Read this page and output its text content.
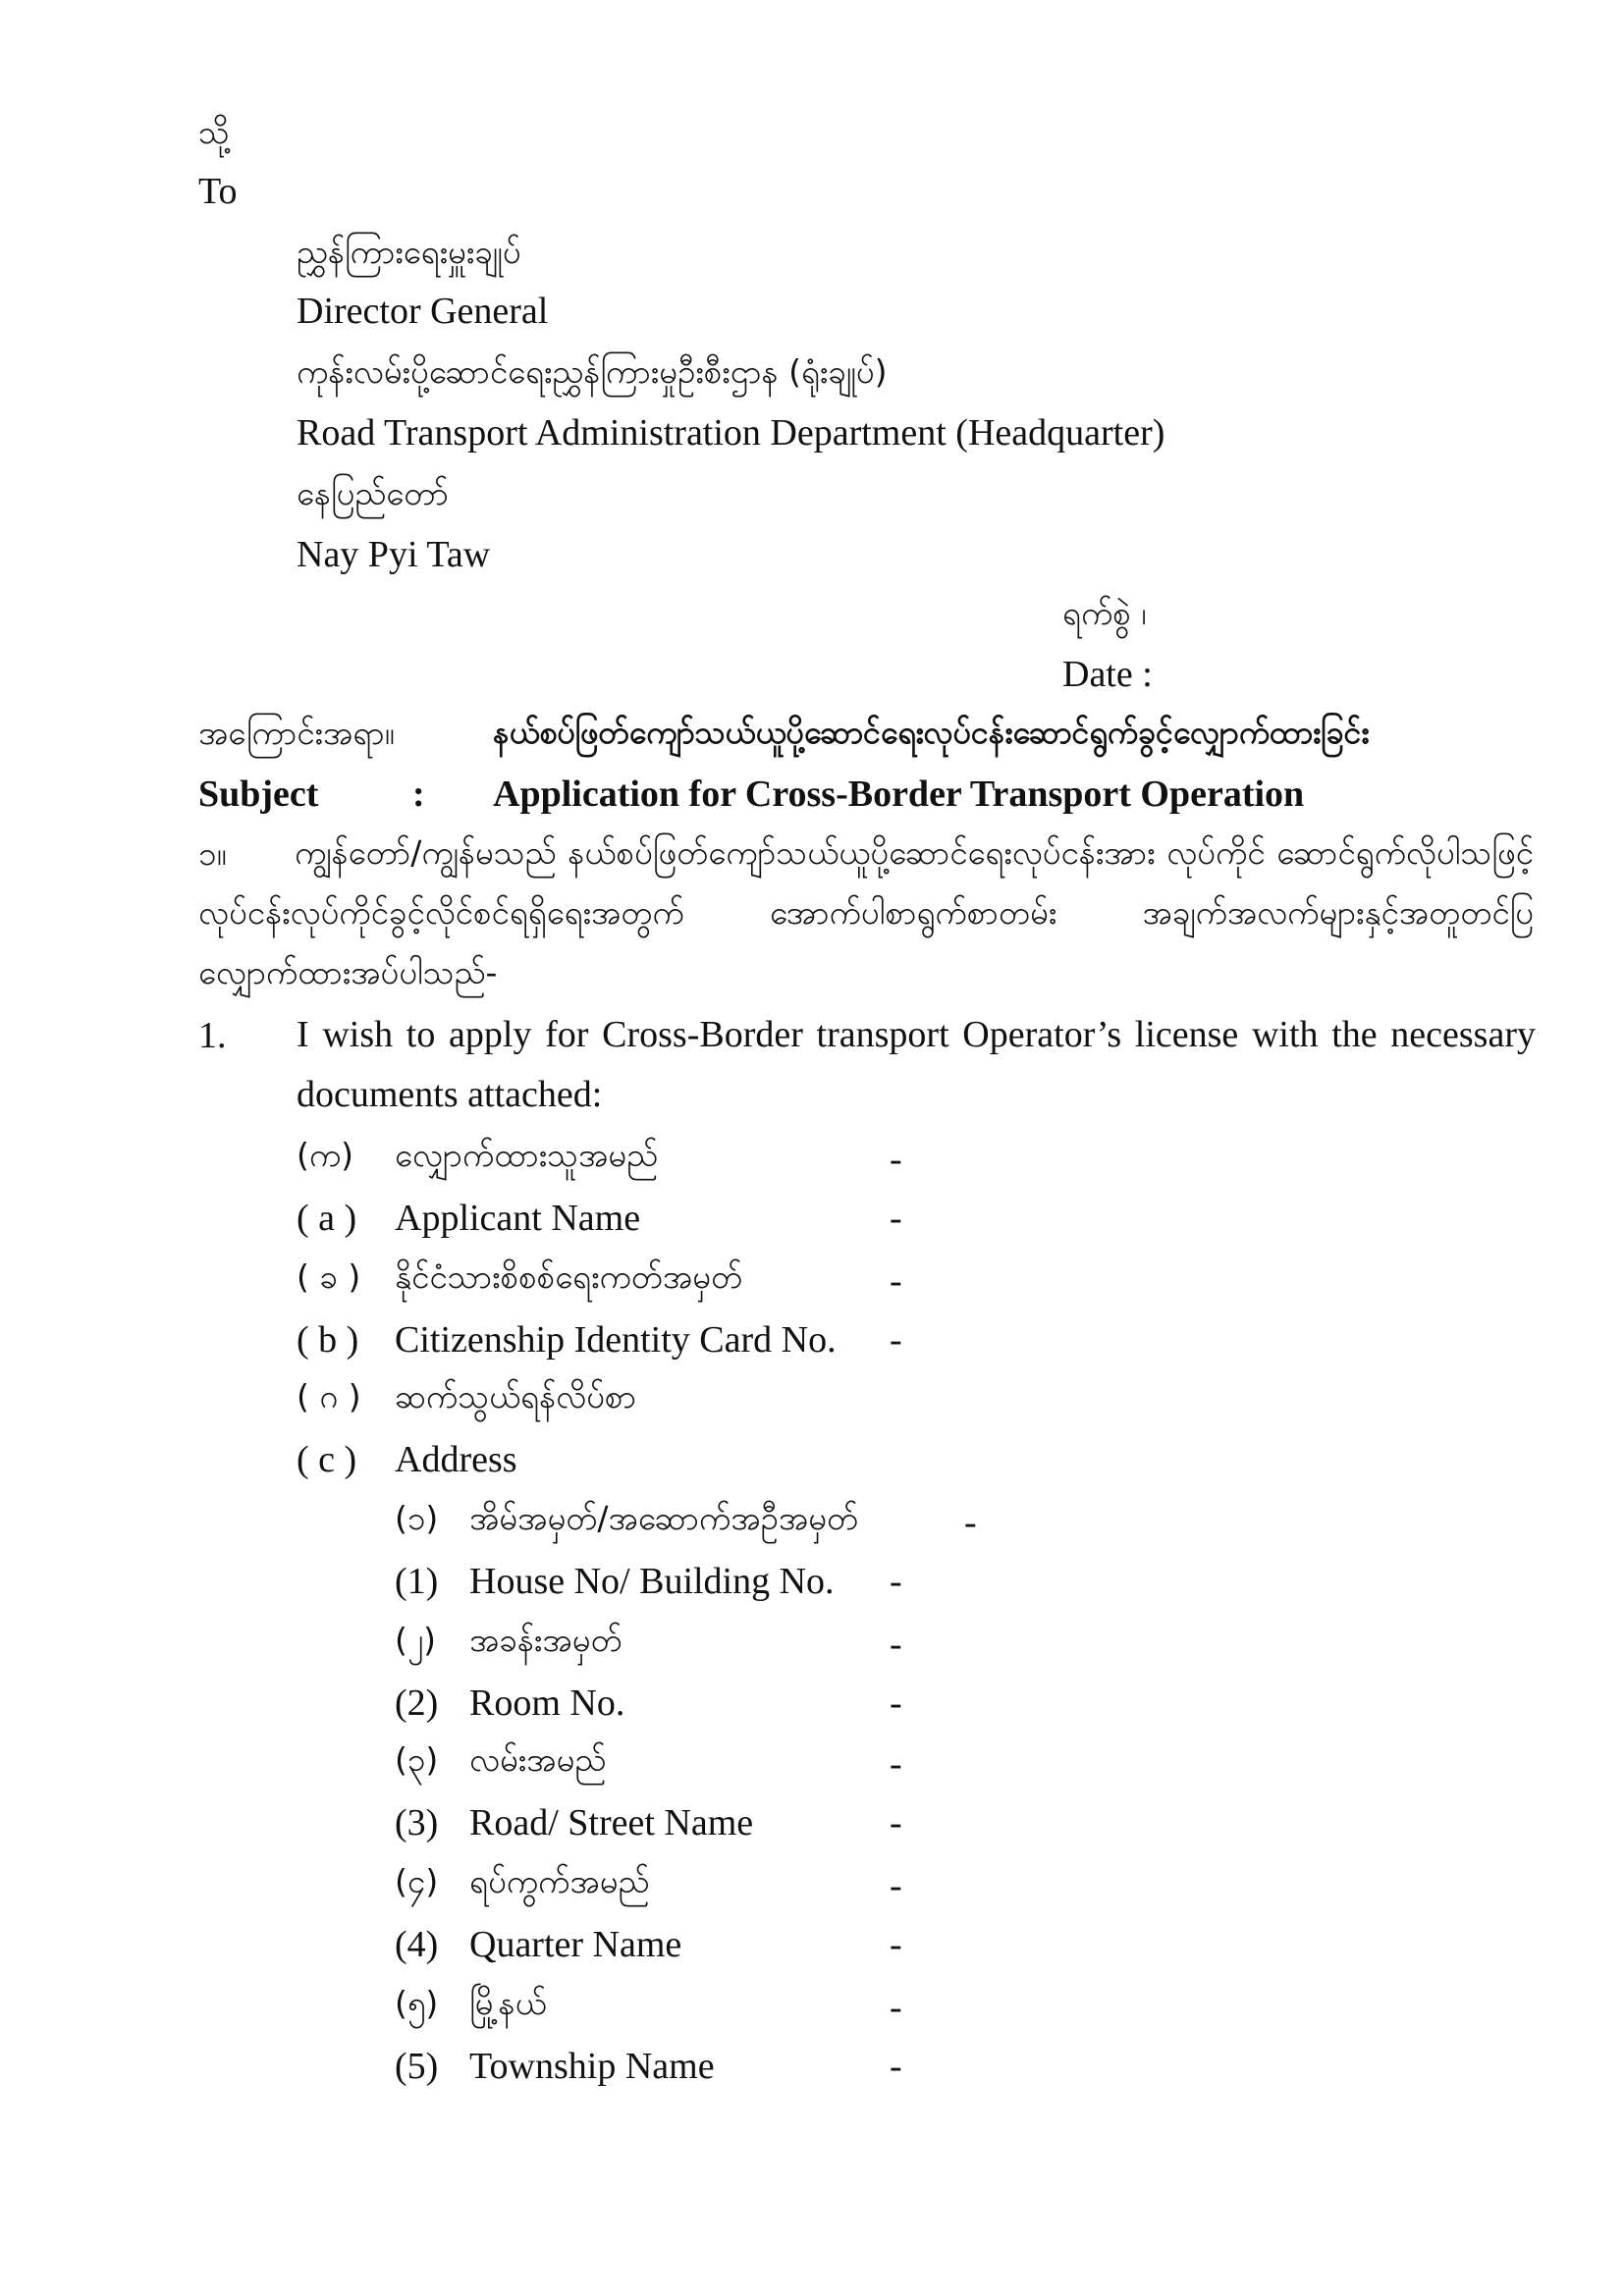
သို့
To
ညွှန်ကြားရေးမှူးချုပ်
Director General
ကုန်းလမ်းပို့ဆောင်ရေးညွှန်ကြားမှုဦးစီးဌာန (ရုံးချုပ်)
Road Transport Administration Department (Headquarter)
နေပြည်တော်
Nay Pyi Taw
ရက်စွဲ ၊
Date :
အကြောင်းအရာ။	နယ်စပ်ဖြတ်ကျော်သယ်ယူပို့ဆောင်ရေးလုပ်ငန်းဆောင်ရွက်ခွင့်လျှောက်ထားခြင်း
Subject	: Application for Cross-Border Transport Operation
၁။	ကျွန်တော်/ကျွန်မသည် နယ်စပ်ဖြတ်ကျော်သယ်ယူပို့ဆောင်ရေးလုပ်ငန်းအား လုပ်ကိုင် ဆောင်ရွက်လိုပါသဖြင့် လုပ်ငန်းလုပ်ကိုင်ခွင့်လိုင်စင်ရရှိရေးအတွက် အောက်ပါစာရွက်စာတမ်း အချက်အလက်များနှင့်အတူတင်ပြ လျှောက်ထားအပ်ပါသည်-
1. I wish to apply for Cross-Border transport Operator’s license with the necessary documents attached:
(က) လျှောက်ထားသူအမည်	-
( a ) Applicant Name	-
( ခ ) နိုင်ငံသားစိစစ်ရေးကတ်အမှတ်	-
( b ) Citizenship Identity Card No. -
( ဂ ) ဆက်သွယ်ရန်လိပ်စာ
( c ) Address
(၁) အိမ်အမှတ်/အဆောက်အဦအမှတ်	-
(1) House No/ Building No. -
(၂) အခန်းအမှတ်	-
(2) Room No.	-
(၃) လမ်းအမည်	-
(3) Road/ Street Name	-
(၄) ရပ်ကွက်အမည်	-
(4) Quarter Name	-
(၅) မြို့နယ်	-
(5) Township Name	-
